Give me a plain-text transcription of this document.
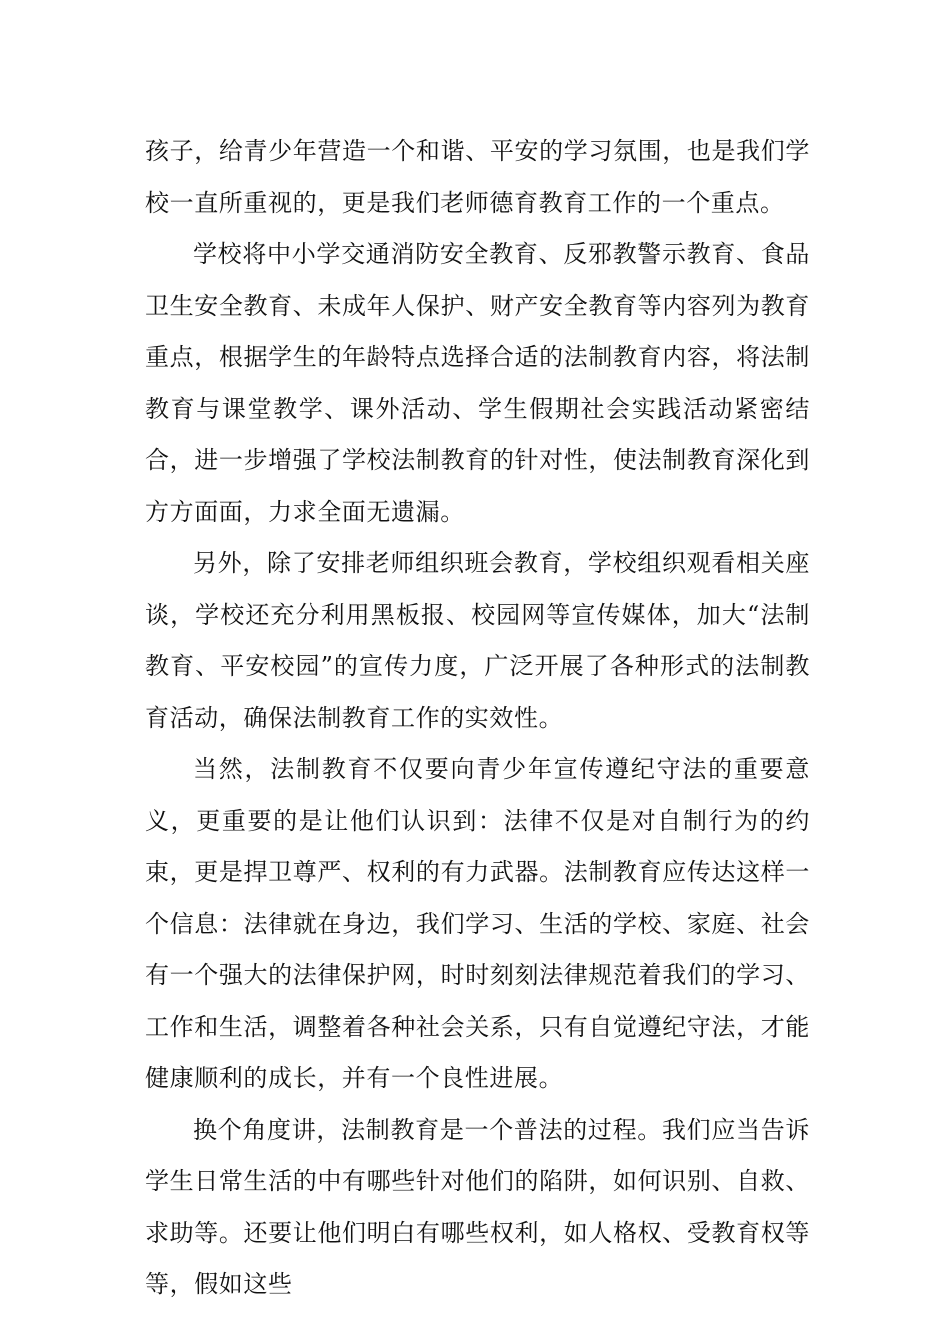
孩子，给青少年营造一个和谐、平安的学习氛围，也是我们学校一直所重视的，更是我们老师德育教育工作的一个重点。

学校将中小学交通消防安全教育、反邪教警示教育、食品卫生安全教育、未成年人保护、财产安全教育等内容列为教育重点，根据学生的年龄特点选择合适的法制教育内容，将法制教育与课堂教学、课外活动、学生假期社会实践活动紧密结合，进一步增强了学校法制教育的针对性，使法制教育深化到方方面面，力求全面无遗漏。

另外，除了安排老师组织班会教育，学校组织观看相关座谈，学校还充分利用黑板报、校园网等宣传媒体，加大“法制教育、平安校园”的宣传力度，广泛开展了各种形式的法制教育活动，确保法制教育工作的实效性。

当然，法制教育不仅要向青少年宣传遵纪守法的重要意义，更重要的是让他们认识到：法律不仅是对自制行为的约束，更是捍卫尊严、权利的有力武器。法制教育应传达这样一个信息：法律就在身边，我们学习、生活的学校、家庭、社会有一个强大的法律保护网，时时刻刻法律规范着我们的学习、工作和生活，调整着各种社会关系，只有自觉遵纪守法，才能健康顺利的成长，并有一个良性进展。

换个角度讲，法制教育是一个普法的过程。我们应当告诉学生日常生活的中有哪些针对他们的陷阱，如何识别、自救、求助等。还要让他们明白有哪些权利，如人格权、受教育权等等，假如这些
